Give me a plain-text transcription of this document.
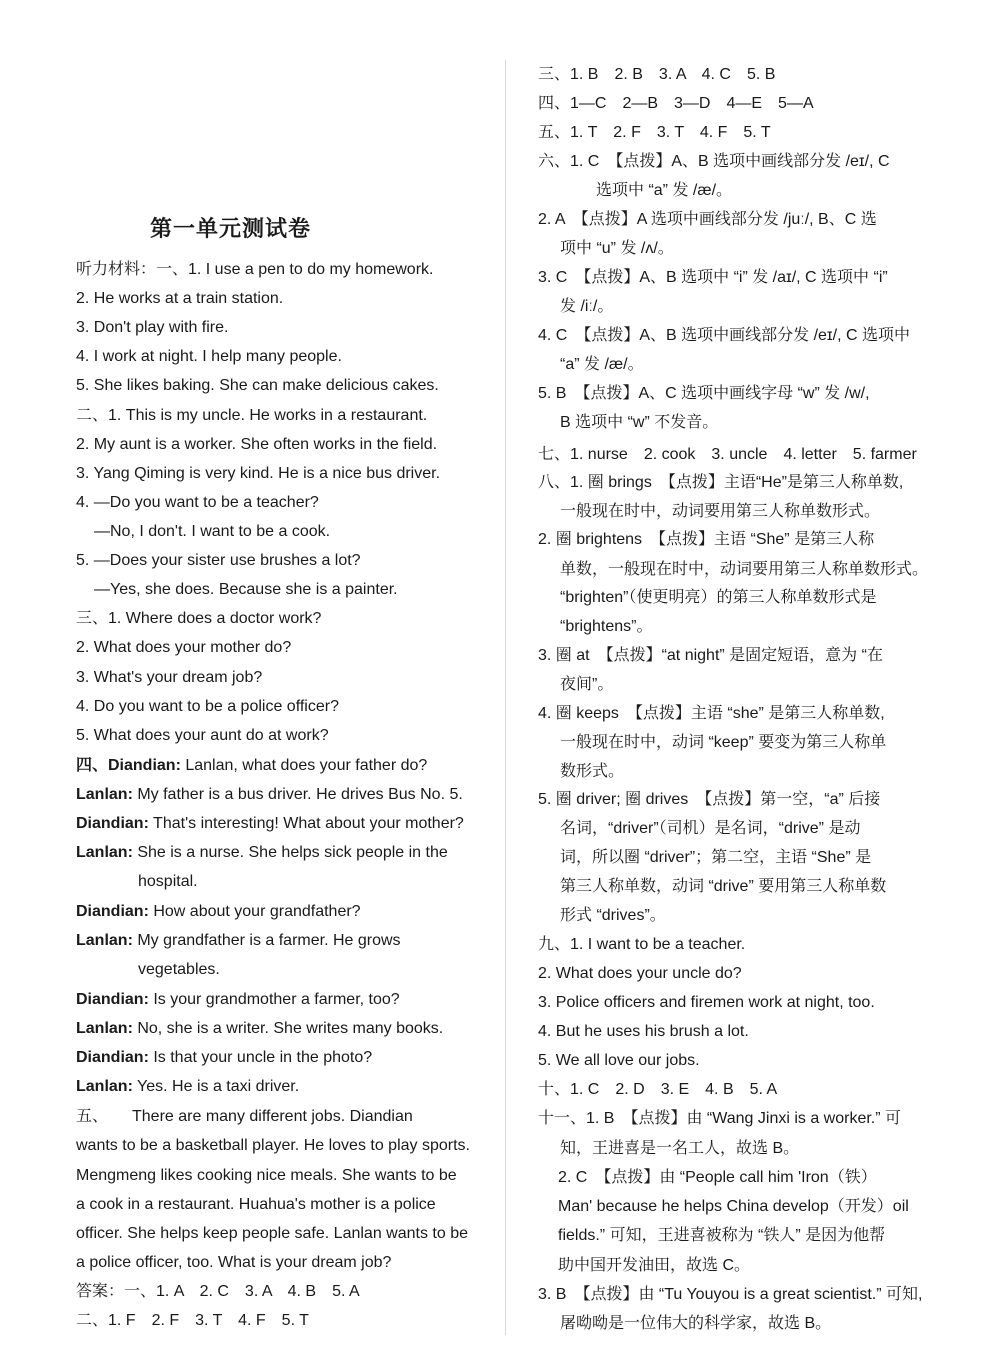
第一单元测试卷
听力材料：一、1. I use a pen to do my homework.
2. He works at a train station.
3. Don't play with fire.
4. I work at night. I help many people.
5. She likes baking. She can make delicious cakes.
二、1. This is my uncle. He works in a restaurant.
2. My aunt is a worker. She often works in the field.
3. Yang Qiming is very kind. He is a nice bus driver.
4. —Do you want to be a teacher?
—No, I don't. I want to be a cook.
5. —Does your sister use brushes a lot?
—Yes, she does. Because she is a painter.
三、1. Where does a doctor work?
2. What does your mother do?
3. What's your dream job?
4. Do you want to be a police officer?
5. What does your aunt do at work?
四、Diandian: Lanlan, what does your father do?
Lanlan: My father is a bus driver. He drives Bus No. 5.
Diandian: That's interesting! What about your mother?
Lanlan: She is a nurse. She helps sick people in the
hospital.
Diandian: How about your grandfather?
Lanlan: My grandfather is a farmer. He grows
vegetables.
Diandian: Is your grandmother a farmer, too?
Lanlan: No, she is a writer. She writes many books.
Diandian: Is that your uncle in the photo?
Lanlan: Yes. He is a taxi driver.
五、　　There are many different jobs. Diandian
wants to be a basketball player. He loves to play sports.
Mengmeng likes cooking nice meals. She wants to be
a cook in a restaurant. Huahua's mother is a police
officer. She helps keep people safe. Lanlan wants to be
a police officer, too. What is your dream job?
答案：一、1. A　2. C　3. A　4. B　5. A
二、1. F　2. F　3. T　4. F　5. T
三、1. B　2. B　3. A　4. C　5. B
四、1—C　2—B　3—D　4—E　5—A
五、1. T　2. F　3. T　4. F　5. T
六、1. C　【点拨】A、B 选项中画线部分发 /eɪ/, C
选项中 “a” 发 /æ/。
2. A　【点拨】A 选项中画线部分发 /juː/, B、C 选
项中 “u” 发 /ʌ/。
3. C　【点拨】A、B 选项中 “i” 发 /aɪ/, C 选项中 “i”
发 /iː/。
4. C　【点拨】A、B 选项中画线部分发 /eɪ/, C 选项中
“a” 发 /æ/。
5. B　【点拨】A、C 选项中画线字母 “w” 发 /w/,
B 选项中 “w” 不发音。
七、1. nurse　2. cook　3. uncle　4. letter　5. farmer
八、1. 圈 brings　【点拨】主语“He”是第三人称单数,
一般现在时中，动词要用第三人称单数形式。
2. 圈 brightens　【点拨】主语 “She” 是第三人称
单数，一般现在时中，动词要用第三人称单数形式。
“brighten”（使更明亮）的第三人称单数形式是
“brightens”。
3. 圈 at　【点拨】“at night” 是固定短语，意为 “在
夜间”。
4. 圈 keeps　【点拨】主语 “she” 是第三人称单数,
一般现在时中，动词 “keep” 要变为第三人称单
数形式。
5. 圈 driver; 圈 drives　【点拨】第一空，“a” 后接
名词，“driver”（司机）是名词，“drive” 是动
词，所以圈 “driver”；第二空，主语 “She” 是
第三人称单数，动词 “drive” 要用第三人称单数
形式 “drives”。
九、1. I want to be a teacher.
2. What does your uncle do?
3. Police officers and firemen work at night, too.
4. But he uses his brush a lot.
5. We all love our jobs.
十、1. C　2. D　3. E　4. B　5. A
十一、1. B　【点拨】由 “Wang Jinxi is a worker.” 可
知，王进喜是一名工人，故选 B。
2. C　【点拨】由 “People call him 'Iron（铁）
Man' because he helps China develop（开发）oil
fields.” 可知，王进喜被称为 “铁人” 是因为他帮
助中国开发油田，故选 C。
3. B　【点拨】由 “Tu Youyou is a great scientist.” 可知,
屠呦呦是一位伟大的科学家，故选 B。
